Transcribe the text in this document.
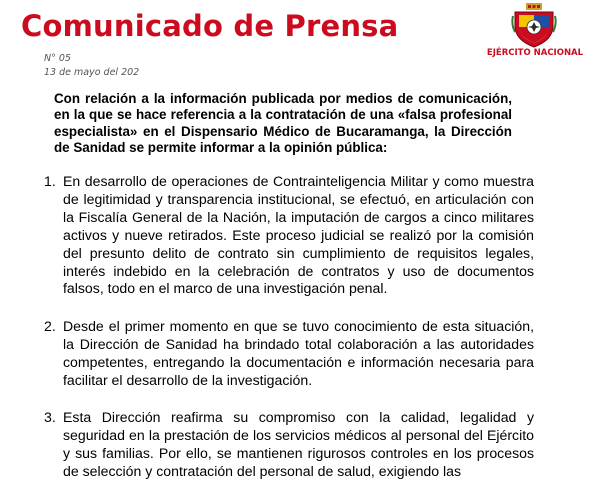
Comunicado de Prensa
EJÉRCITO NACIONAL
N° 05
13 de mayo del 202

Con relación a la información publicada por medios de comunicación, en la que se hace referencia a la contratación de una «falsa profesional especialista» en el Dispensario Médico de Bucaramanga, la Dirección de Sanidad se permite informar a la opinión pública:

1. En desarrollo de operaciones de Contrainteligencia Militar y como muestra de legitimidad y transparencia institucional, se efectuó, en articulación con la Fiscalía General de la Nación, la imputación de cargos a cinco militares activos y nueve retirados. Este proceso judicial se realizó por la comisión del presunto delito de contrato sin cumplimiento de requisitos legales, interés indebido en la celebración de contratos y uso de documentos falsos, todo en el marco de una investigación penal.
2. Desde el primer momento en que se tuvo conocimiento de esta situación, la Dirección de Sanidad ha brindado total colaboración a las autoridades competentes, entregando la documentación e información necesaria para facilitar el desarrollo de la investigación.
3. Esta Dirección reafirma su compromiso con la calidad, legalidad y seguridad en la prestación de los servicios médicos al personal del Ejército y sus familias. Por ello, se mantienen rigurosos controles en los procesos de selección y contratación del personal de salud, exigiendo las
